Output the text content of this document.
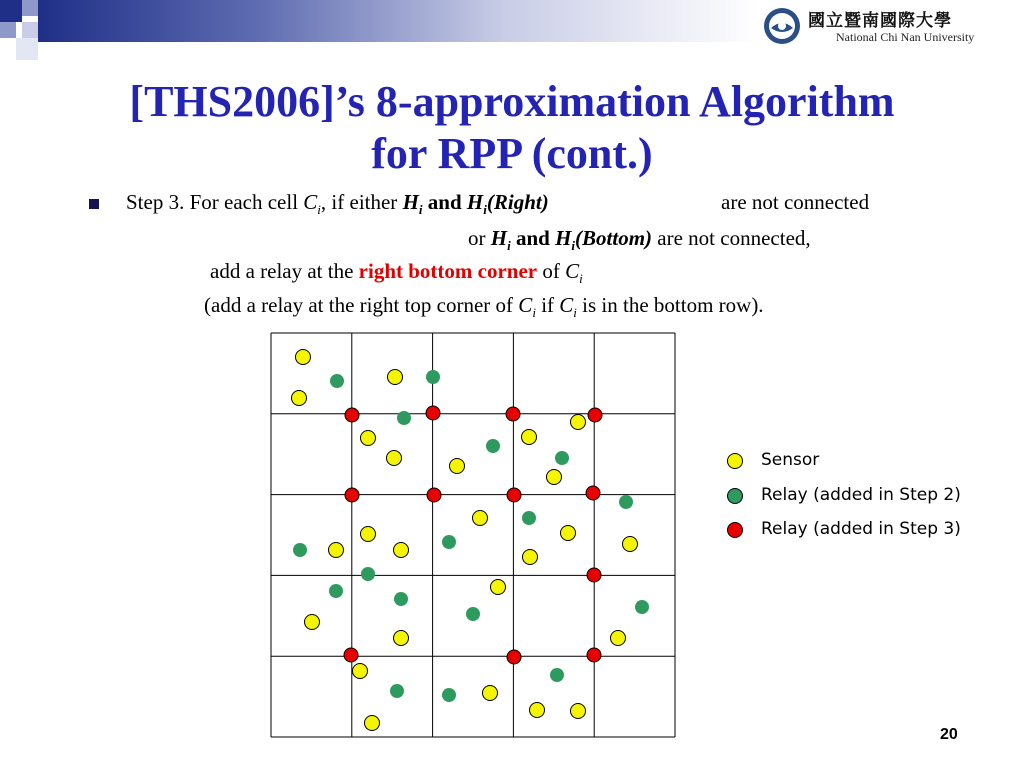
國立暨南國際大學
National Chi Nan University
[THS2006]’s 8-approximation Algorithm
for RPP (cont.)
Step 3. For each cell $C_i$, if either $H_i$ and $H_i(Right)$	are not connected
or $H_i$ and $H_i(Bottom)$ are not connected,
add a relay at the right bottom corner of $C_i$
(add a relay at the right top corner of $C_i$ if $C_i$ is in the bottom row).
Sensor
Relay (added in Step 2)
Relay (added in Step 3)
20
